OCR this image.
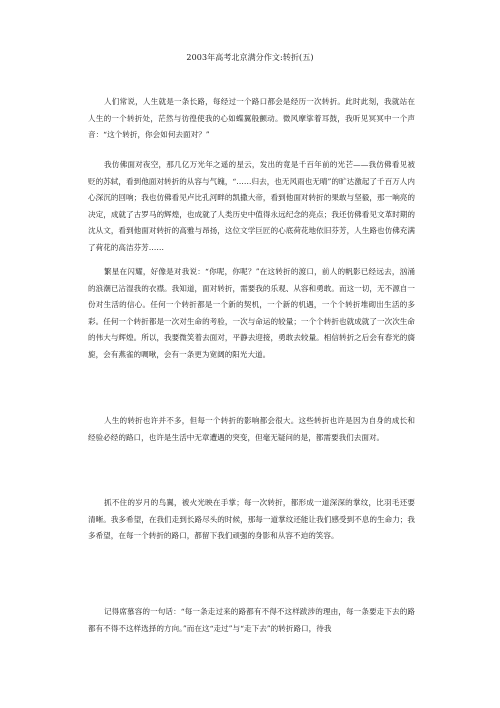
2003年高考北京满分作文:转折(五)

人们常说，人生就是一条长路，每经过一个路口都会是经历一次转折。此时此刻，我就站在人生的一个转折处，茫然与彷徨使我的心如蝶翼般颤动。微风摩挲着耳鼓，我听见冥冥中一个声音：“这个转折，你会如何去面对？”

我仿佛面对夜空，那几亿万光年之遥的星云，发出的竟是千百年前的光芒——我仿佛看见被贬的苏轼，看到他面对转折的从容与气魄，“……归去，也无风雨也无晴”的旷达激起了千百万人内心深沉的回响；我也仿佛看见卢比孔河畔的凯撒大帝，看到他面对转折的果敢与坚毅，那一响亮的决定，成就了古罗马的辉煌，也成就了人类历史中值得永远纪念的亮点；我还仿佛看见文革时期的沈从文，看到他面对转折的高雅与昂扬，这位文学巨匠的心底荷花地依旧芬芳，人生路也仿佛充满了荷花的高洁芬芳……

繁星在闪耀，好像是对我说：“你呢，你呢？”在这转折的渡口，前人的帆影已经远去，汹涌的浪潮已沾湿我的衣襟。我知道，面对转折，需要我的乐观、从容和勇敢。而这一切，无不源自一份对生活的信心。任何一个转折都是一个新的契机，一个新的机遇，一个个转折堆砌出生活的多彩。任何一个转折都是一次对生命的考验，一次与命运的较量；一个个转折也就成就了一次次生命的伟大与辉煌。所以，我要微笑着去面对，平静去迎接，勇敢去较量。相信转折之后会有春光的旖旎，会有燕雀的啁啾，会有一条更为宽阔的阳光大道。

人生的转折也许并不多，但每一个转折的影响都会很大。这些转折也许是因为自身的成长和经验必经的路口，也许是生活中无章遭遇的突变，但毫无疑问的是，都需要我们去面对。

抓不住的岁月的鸟翼，被火光映在手掌；每一次转折，都形成一道深深的掌纹，比羽毛还要清晰。我多希望，在我们走到长路尽头的时候，那每一道掌纹还能让我们感受到不息的生命力；我多希望，在每一个转折的路口，都留下我们顽强的身影和从容不迫的笑容。

记得席慕容的一句话：“每一条走过来的路都有不得不这样跋涉的理由，每一条要走下去的路都有不得不这样选择的方向。”而在这“走过”与“走下去”的转折路口，待我
